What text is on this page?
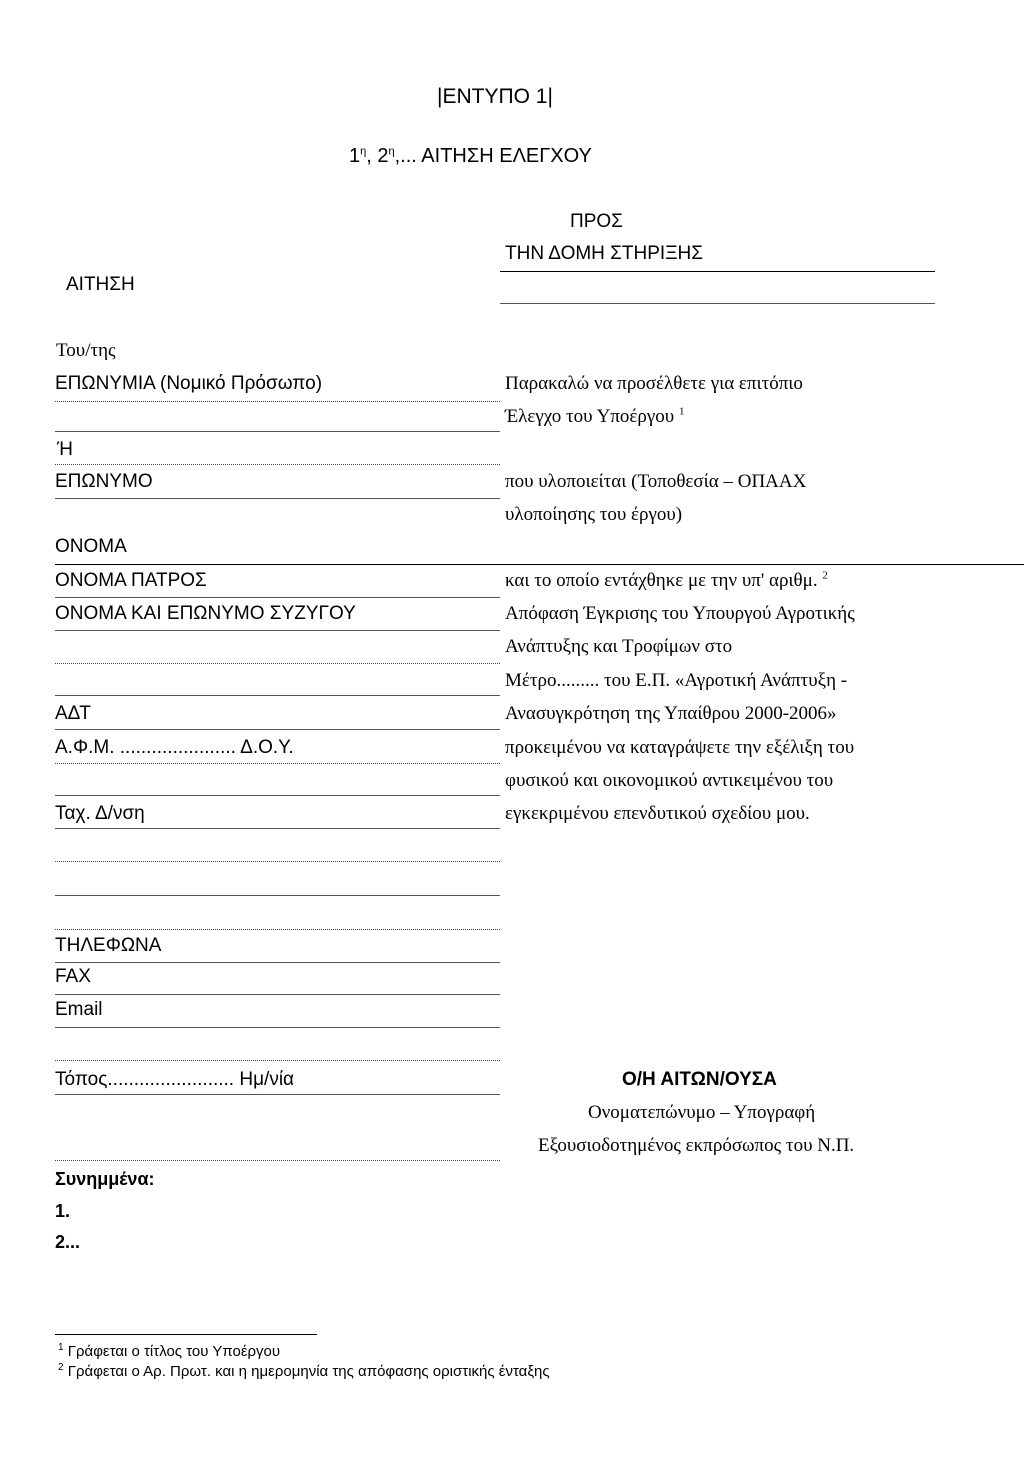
|ΕΝΤΥΠΟ 1|
$1^\eta$, $2^\eta$,... ΑΙΤΗΣΗ ΕΛΕΓΧΟΥ
ΠΡΟΣ
ΤΗΝ ΔΟΜΗ ΣΤΗΡΙΞΗΣ
ΑΙΤΗΣΗ
Του/της
ΕΠΩΝΥΜΙΑ (Νομικό Πρόσωπο)
Ή
ΕΠΩΝΥΜΟ
ΟΝΟΜΑ
ΟΝΟΜΑ ΠΑΤΡΟΣ
ΟΝΟΜΑ ΚΑΙ ΕΠΩΝΥΜΟ ΣΥΖΥΓΟΥ
ΑΔΤ
Α.Φ.Μ. ...................... Δ.Ο.Υ.
Ταχ. Δ/νση
ΤΗΛΕΦΩΝΑ
FAX
Email
Τόπος........................ Ημ/νία
Συνημμένα:
1.
2...
Παρακαλώ να προσέλθετε για επιτόπιο
Έλεγχο του Υποέργου $^1$
που υλοποιείται (Τοποθεσία – ΟΠΑΑΧ
υλοποίησης του έργου)
και το οποίο εντάχθηκε με την υπ' αριθμ. $^2$
Απόφαση Έγκρισης του Υπουργού Αγροτικής
Ανάπτυξης και Τροφίμων στο
Μέτρο......... του Ε.Π. «Αγροτική Ανάπτυξη -
Ανασυγκρότηση της Υπαίθρου 2000-2006»
προκειμένου να καταγράψετε την εξέλιξη του
φυσικού και οικονομικού αντικειμένου του
εγκεκριμένου επενδυτικού σχεδίου μου.
Ο/Η ΑΙΤΩΝ/ΟΥΣΑ
Ονοματεπώνυμο – Υπογραφή
Εξουσιοδοτημένος εκπρόσωπος του Ν.Π.
$^1$ Γράφεται ο τίτλος του Υποέργου
$^2$ Γράφεται ο Αρ. Πρωτ. και η ημερομηνία της απόφασης οριστικής ένταξης
